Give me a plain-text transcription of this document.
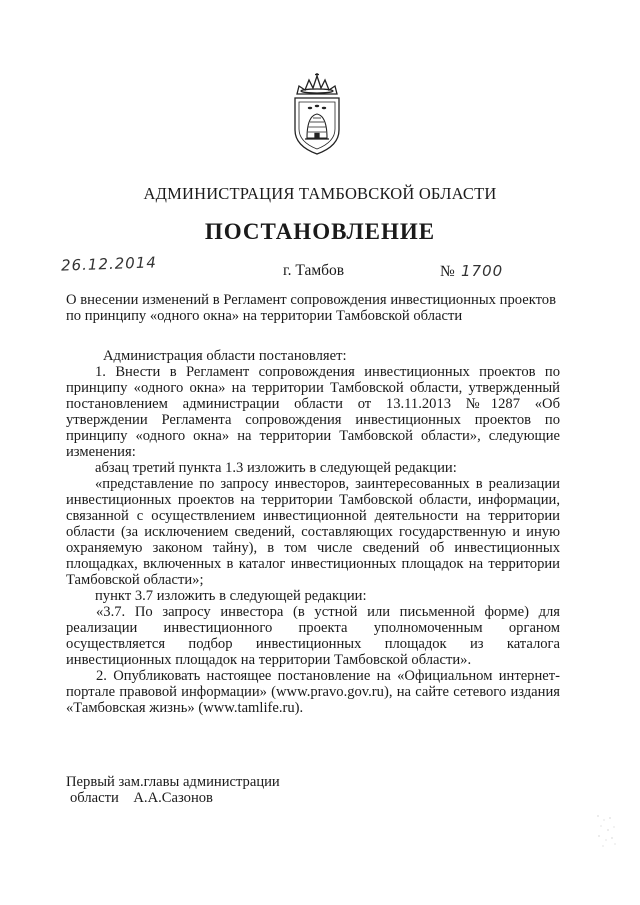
АДМИНИСТРАЦИЯ ТАМБОВСКОЙ ОБЛАСТИ
ПОСТАНОВЛЕНИЕ
26.12.2014	г. Тамбов	№ 1700
О внесении изменений в Регламент сопровождения инвестиционных проектов по принципу «одного окна» на территории Тамбовской области

Администрация области постановляет:

1. Внести в Регламент сопровождения инвестиционных проектов по принципу «одного окна» на территории Тамбовской области, утвержденный постановлением администрации области от 13.11.2013 №1287 «Об утверждении Регламента сопровождения инвестиционных проектов по принципу «одного окна» на территории Тамбовской области», следующие изменения:

абзац третий пункта 1.3 изложить в следующей редакции:

«представление по запросу инвесторов, заинтересованных в реализации инвестиционных проектов на территории Тамбовской области, информации, связанной с осуществлением инвестиционной деятельности на территории области (за исключением сведений, составляющих государственную и иную охраняемую законом тайну), в том числе сведений об инвестиционных площадках, включенных в каталог инвестиционных площадок на территории Тамбовской области»;

пункт 3.7 изложить в следующей редакции:

«3.7. По запросу инвестора (в устной или письменной форме) для реализации инвестиционного проекта уполномоченным органом осуществляется подбор инвестиционных площадок из каталога инвестиционных площадок на территории Тамбовской области».

2. Опубликовать настоящее постановление на «Официальном интернет-портале правовой информации» (www.pravo.gov.ru), на сайте сетевого издания «Тамбовская жизнь» (www.tamlife.ru).

Первый зам.главы администрации
области    А.А.Сазонов
